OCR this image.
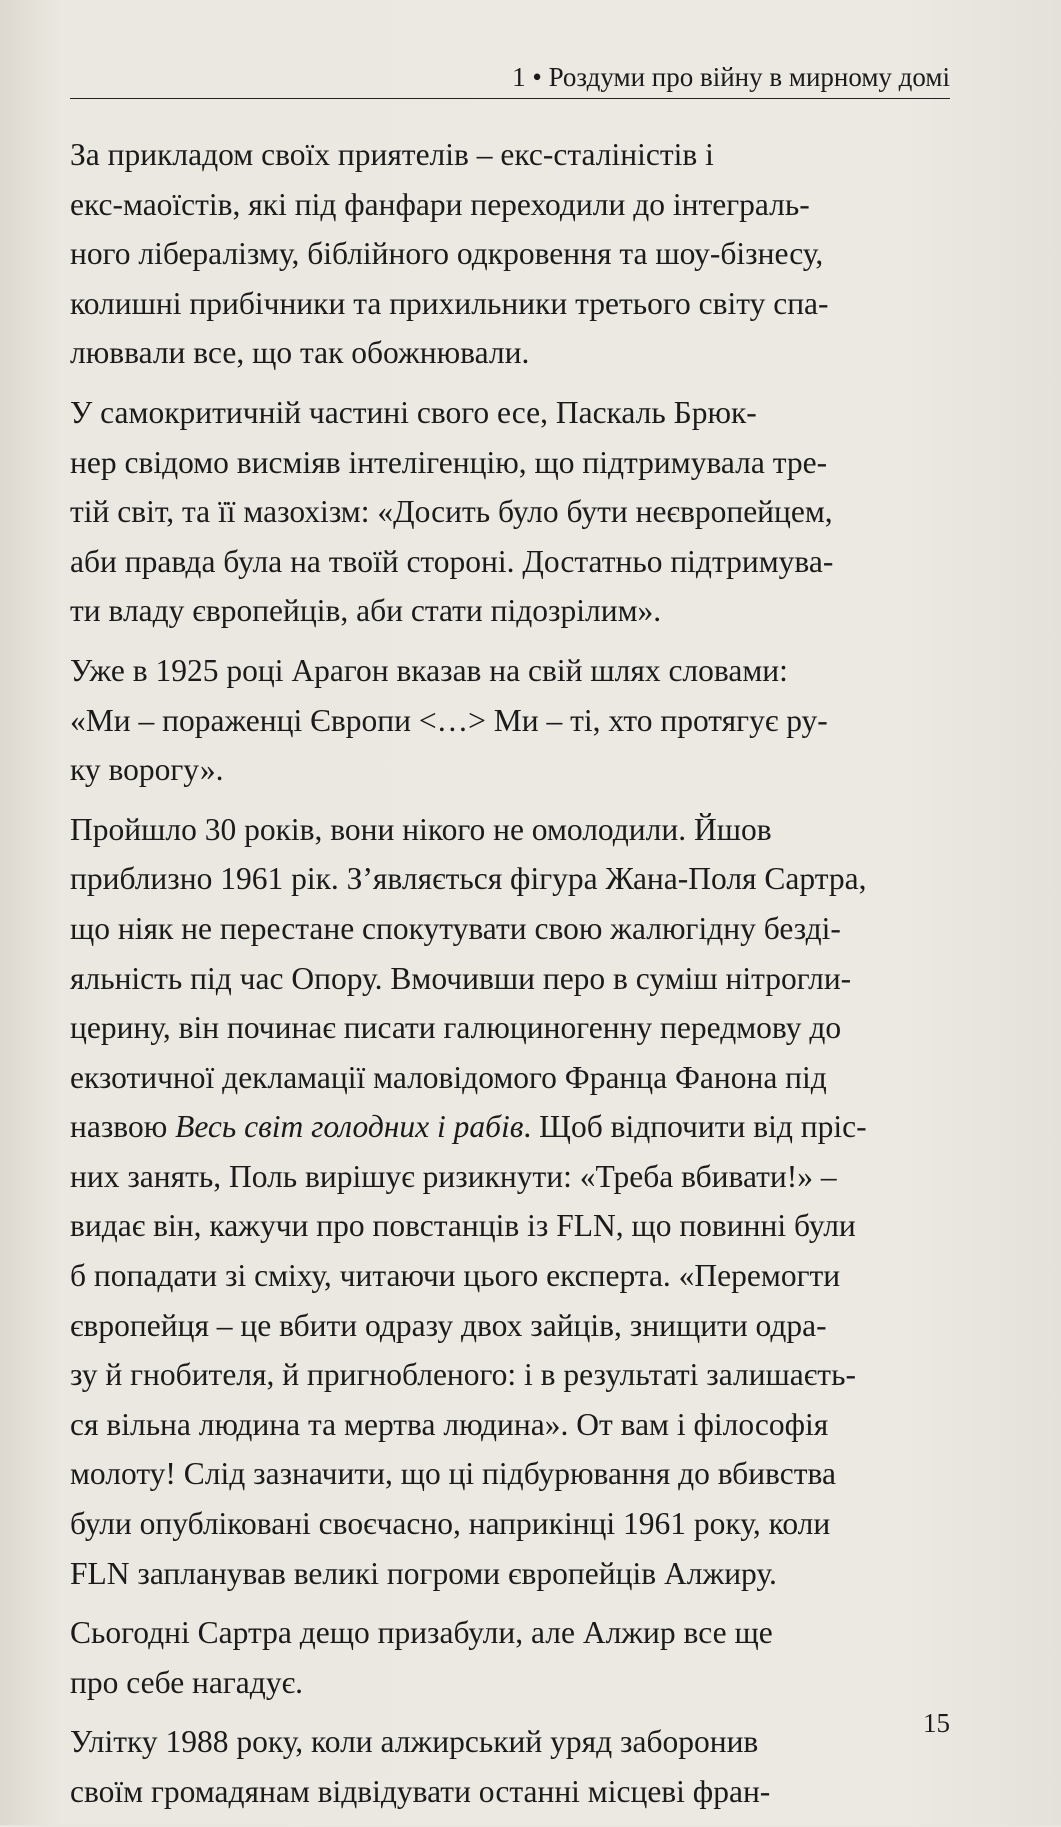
1 • Роздуми про війну в мирному домі

За прикладом своїх приятелів – екс-сталіністів і
екс-маоїстів, які під фанфари переходили до інтеграль-
ного лібералізму, біблійного одкровення та шоу-бізнесу,
колишні прибічники та прихильники третього світу спа-
люввали все, що так обожнювали.

У самокритичній частині свого есе, Паскаль Брюк-
нер свідомо висміяв інтелігенцію, що підтримувала тре-
тій світ, та її мазохізм: «Досить було бути неєвропейцем,
аби правда була на твоїй стороні. Достатньо підтримува-
ти владу європейців, аби стати підозрілим».

Уже в 1925 році Арагон вказав на свій шлях словами:
«Ми – пораженці Європи <…> Ми – ті, хто протягує ру-
ку ворогу».

Пройшло 30 років, вони нікого не омолодили. Йшов
приблизно 1961 рік. З’являється фігура Жана-Поля Сартра,
що ніяк не перестане спокутувати свою жалюгідну безді-
яльність під час Опору. Вмочивши перо в суміш нітрогли-
церину, він починає писати галюциногенну передмову до
екзотичної декламації маловідомого Франца Фанона під
назвою Весь світ голодних і рабів. Щоб відпочити від пріс-
них занять, Поль вирішує ризикнути: «Треба вбивати!» –
видає він, кажучи про повстанців із FLN, що повинні були
б попадати зі сміху, читаючи цього експерта. «Перемогти
європейця – це вбити одразу двох зайців, знищити одра-
зу й гнобителя, й пригнобленого: і в результаті залишаєть-
ся вільна людина та мертва людина». От вам і філософія
молоту! Слід зазначити, що ці підбурювання до вбивства
були опубліковані своєчасно, наприкінці 1961 року, коли
FLN запланував великі погроми європейців Алжиру.

Сьогодні Сартра дещо призабули, але Алжир все ще
про себе нагадує.

Улітку 1988 року, коли алжирський уряд заборонив
своїм громадянам відвідувати останні місцеві фран-

15
